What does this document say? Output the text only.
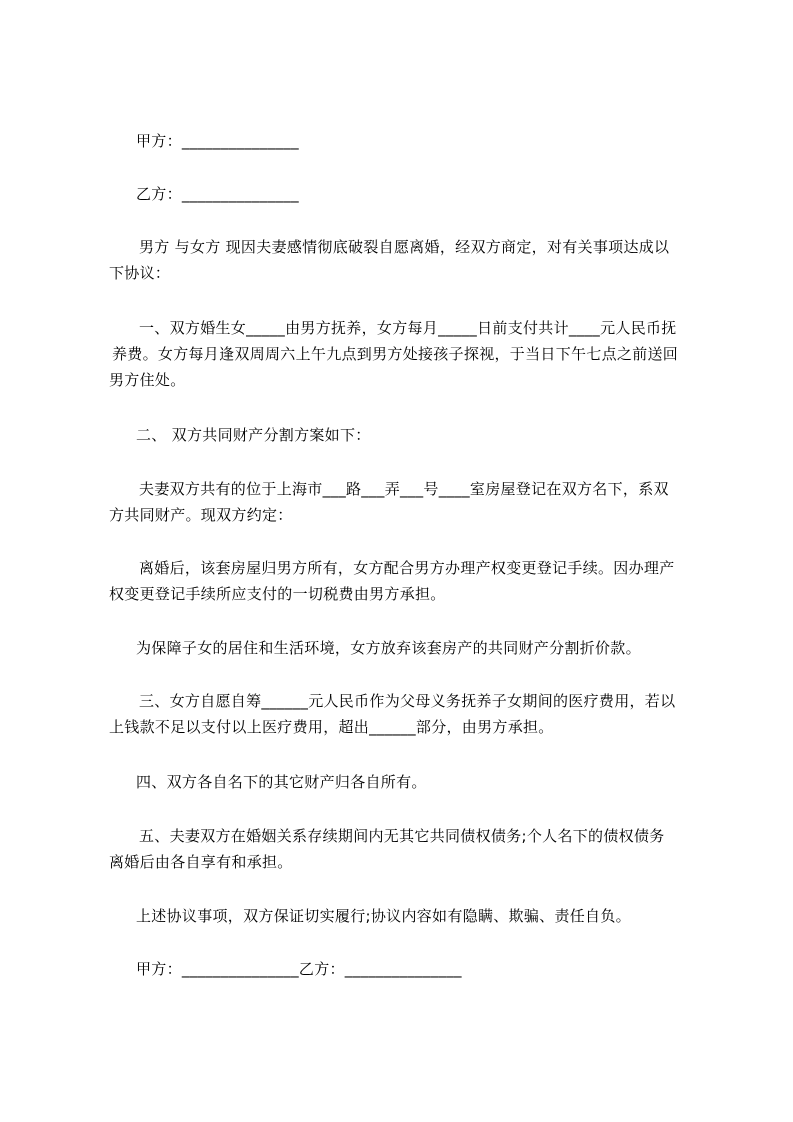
甲方：_______________
乙方：_______________
男方 与女方 现因夫妻感情彻底破裂自愿离婚，经双方商定，对有关事项达成以
下协议：
一、双方婚生女_____由男方抚养，女方每月_____日前支付共计____元人民币抚
养费。女方每月逢双周周六上午九点到男方处接孩子探视，于当日下午七点之前送回
男方住处。
二、 双方共同财产分割方案如下：
夫妻双方共有的位于上海市___路___弄___号____室房屋登记在双方名下，系双
方共同财产。现双方约定：
离婚后，该套房屋归男方所有，女方配合男方办理产权变更登记手续。因办理产
权变更登记手续所应支付的一切税费由男方承担。
为保障子女的居住和生活环境，女方放弃该套房产的共同财产分割折价款。
三、女方自愿自筹______元人民币作为父母义务抚养子女期间的医疗费用，若以
上钱款不足以支付以上医疗费用，超出______部分，由男方承担。
四、双方各自名下的其它财产归各自所有。
五、夫妻双方在婚姻关系存续期间内无其它共同债权债务;个人名下的债权债务
离婚后由各自享有和承担。
上述协议事项，双方保证切实履行;协议内容如有隐瞒、欺骗、责任自负。
甲方：_______________乙方：_______________
